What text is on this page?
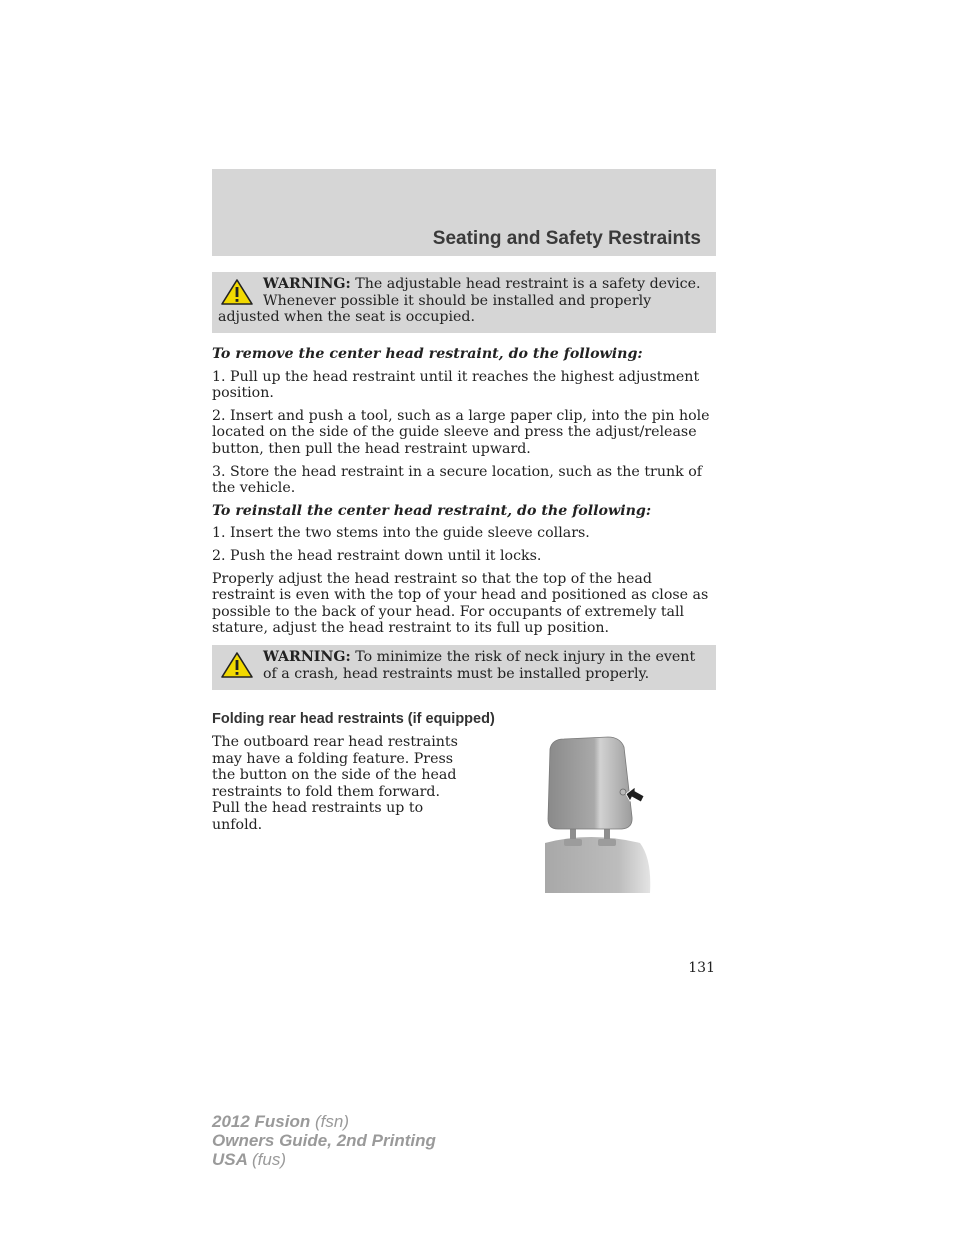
Seating and Safety Restraints
WARNING: The adjustable head restraint is a safety device. Whenever possible it should be installed and properly adjusted when the seat is occupied.

To remove the center head restraint, do the following:

1. Pull up the head restraint until it reaches the highest adjustment position.

2. Insert and push a tool, such as a large paper clip, into the pin hole located on the side of the guide sleeve and press the adjust/release button, then pull the head restraint upward.

3. Store the head restraint in a secure location, such as the trunk of the vehicle.

To reinstall the center head restraint, do the following:

1. Insert the two stems into the guide sleeve collars.

2. Push the head restraint down until it locks.

Properly adjust the head restraint so that the top of the head restraint is even with the top of your head and positioned as close as possible to the back of your head. For occupants of extremely tall stature, adjust the head restraint to its full up position.

WARNING: To minimize the risk of neck injury in the event of a crash, head restraints must be installed properly.
Folding rear head restraints (if equipped)

The outboard rear head restraints may have a folding feature. Press the button on the side of the head restraints to fold them forward. Pull the head restraints up to unfold.

131
2012 Fusion (fsn)
Owners Guide, 2nd Printing
USA (fus)
